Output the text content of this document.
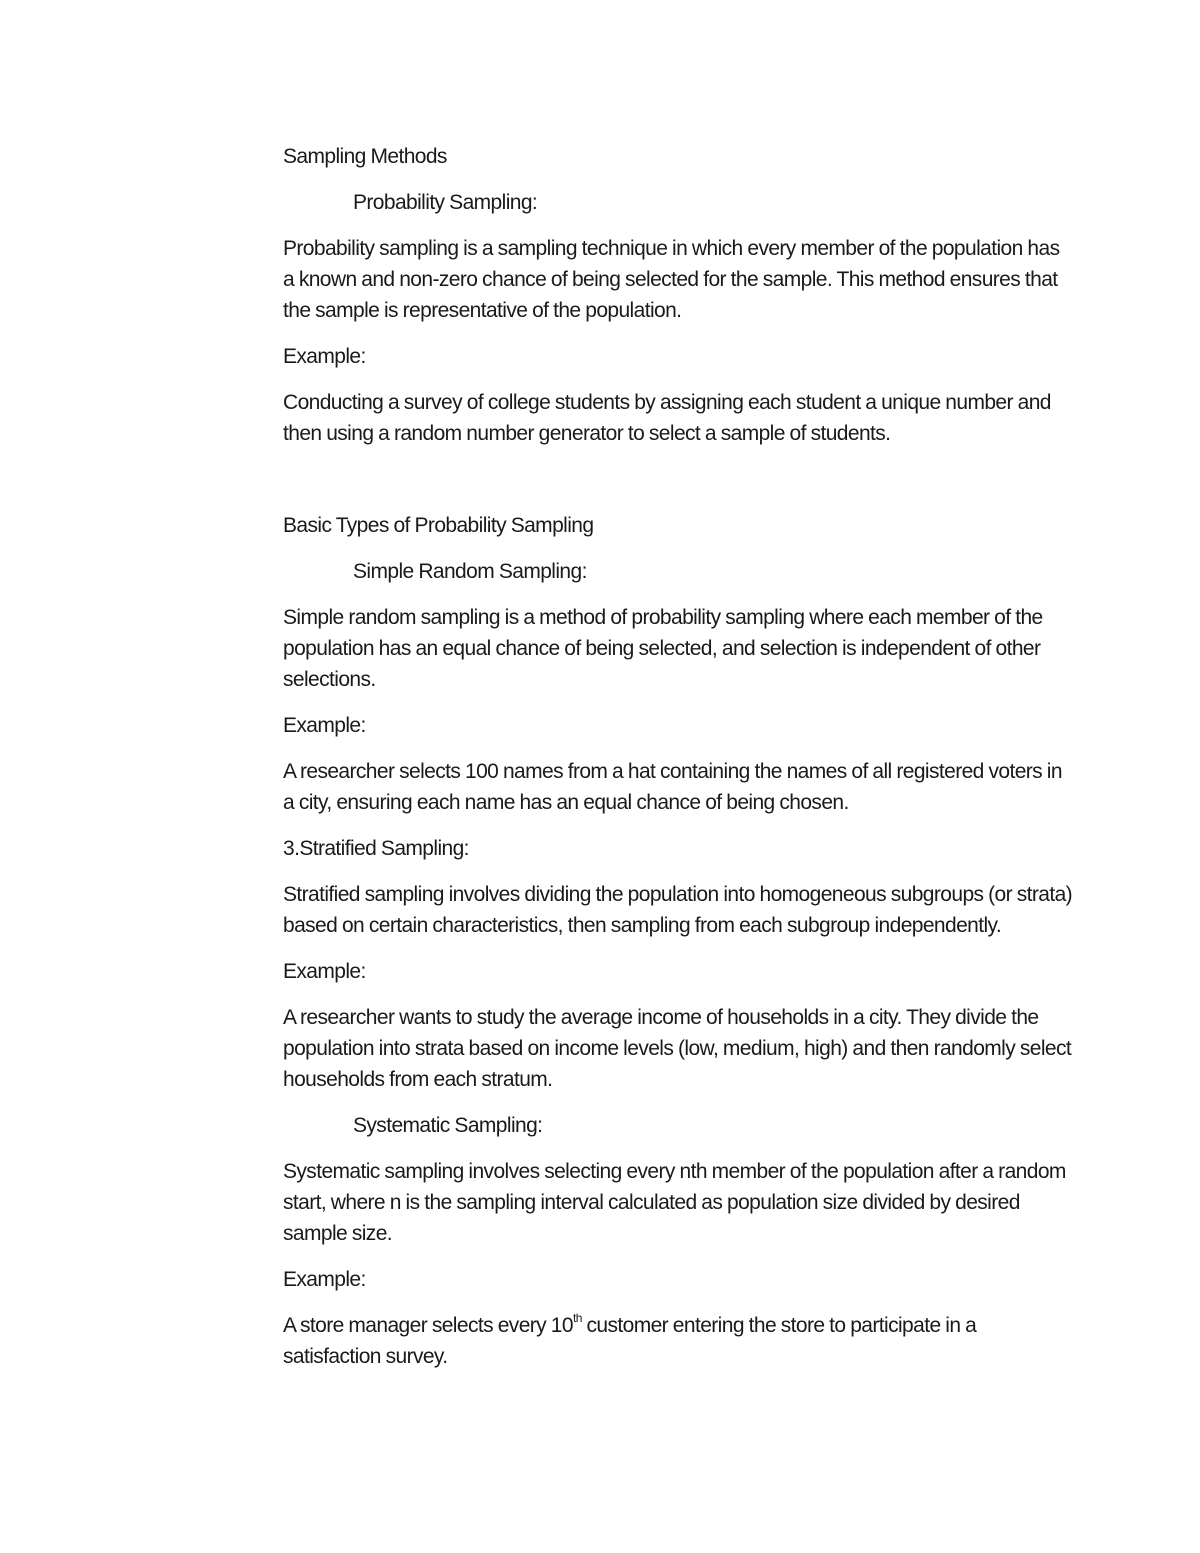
Sampling Methods

Probability Sampling:

Probability sampling is a sampling technique in which every member of the population has a known and non-zero chance of being selected for the sample. This method ensures that the sample is representative of the population.

Example:

Conducting a survey of college students by assigning each student a unique number and then using a random number generator to select a sample of students.

Basic Types of Probability Sampling

Simple Random Sampling:

Simple random sampling is a method of probability sampling where each member of the population has an equal chance of being selected, and selection is independent of other selections.

Example:

A researcher selects 100 names from a hat containing the names of all registered voters in a city, ensuring each name has an equal chance of being chosen.

3.Stratified Sampling:

Stratified sampling involves dividing the population into homogeneous subgroups (or strata) based on certain characteristics, then sampling from each subgroup independently.

Example:

A researcher wants to study the average income of households in a city. They divide the population into strata based on income levels (low, medium, high) and then randomly select households from each stratum.

Systematic Sampling:

Systematic sampling involves selecting every nth member of the population after a random start, where n is the sampling interval calculated as population size divided by desired sample size.

Example:

A store manager selects every 10th customer entering the store to participate in a satisfaction survey.
